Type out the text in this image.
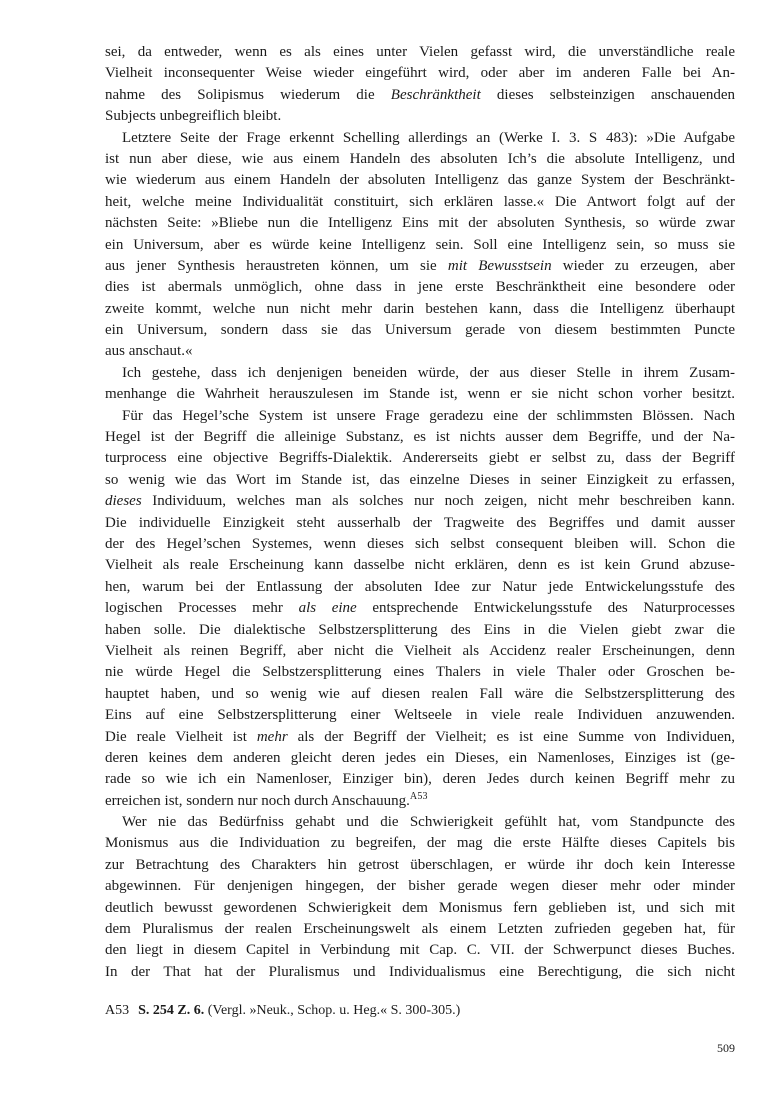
sei, da entweder, wenn es als eines unter Vielen gefasst wird, die unverständliche reale
Vielheit inconsequenter Weise wieder eingeführt wird, oder aber im anderen Falle bei An-
nahme des Solipismus wiederum die Beschränktheit dieses selbsteinzigen anschauenden
Subjects unbegreiflich bleibt.
Letztere Seite der Frage erkennt Schelling allerdings an (Werke I. 3. S 483): »Die Aufgabe
ist nun aber diese, wie aus einem Handeln des absoluten Ich’s die absolute Intelligenz, und
wie wiederum aus einem Handeln der absoluten Intelligenz das ganze System der Beschränkt-
heit, welche meine Individualität constituirt, sich erklären lasse.« Die Antwort folgt auf der
nächsten Seite: »Bliebe nun die Intelligenz Eins mit der absoluten Synthesis, so würde zwar
ein Universum, aber es würde keine Intelligenz sein. Soll eine Intelligenz sein, so muss sie
aus jener Synthesis heraustreten können, um sie mit Bewusstsein wieder zu erzeugen, aber
dies ist abermals unmöglich, ohne dass in jene erste Beschränktheit eine besondere oder
zweite kommt, welche nun nicht mehr darin bestehen kann, dass die Intelligenz überhaupt
ein Universum, sondern dass sie das Universum gerade von diesem bestimmten Puncte
aus anschaut.«
Ich gestehe, dass ich denjenigen beneiden würde, der aus dieser Stelle in ihrem Zusam-
menhange die Wahrheit herauszulesen im Stande ist, wenn er sie nicht schon vorher besitzt.
Für das Hegel’sche System ist unsere Frage geradezu eine der schlimmsten Blössen. Nach
Hegel ist der Begriff die alleinige Substanz, es ist nichts ausser dem Begriffe, und der Na-
turprocess eine objective Begriffs-Dialektik. Andererseits giebt er selbst zu, dass der Begriff
so wenig wie das Wort im Stande ist, das einzelne Dieses in seiner Einzigkeit zu erfassen,
dieses Individuum, welches man als solches nur noch zeigen, nicht mehr beschreiben kann.
Die individuelle Einzigkeit steht ausserhalb der Tragweite des Begriffes und damit ausser
der des Hegel’schen Systemes, wenn dieses sich selbst consequent bleiben will. Schon die
Vielheit als reale Erscheinung kann dasselbe nicht erklären, denn es ist kein Grund abzuse-
hen, warum bei der Entlassung der absoluten Idee zur Natur jede Entwickelungsstufe des
logischen Processes mehr als eine entsprechende Entwickelungsstufe des Naturprocesses
haben solle. Die dialektische Selbstzersplitterung des Eins in die Vielen giebt zwar die
Vielheit als reinen Begriff, aber nicht die Vielheit als Accidenz realer Erscheinungen, denn
nie würde Hegel die Selbstzersplitterung eines Thalers in viele Thaler oder Groschen be-
hauptet haben, und so wenig wie auf diesen realen Fall wäre die Selbstzersplitterung des
Eins auf eine Selbstzersplitterung einer Weltseele in viele reale Individuen anzuwenden.
Die reale Vielheit ist mehr als der Begriff der Vielheit; es ist eine Summe von Individuen,
deren keines dem anderen gleicht deren jedes ein Dieses, ein Namenloses, Einziges ist (ge-
rade so wie ich ein Namenloser, Einziger bin), deren Jedes durch keinen Begriff mehr zu
erreichen ist, sondern nur noch durch Anschauung.$^{A53}$
Wer nie das Bedürfniss gehabt und die Schwierigkeit gefühlt hat, vom Standpuncte des
Monismus aus die Individuation zu begreifen, der mag die erste Hälfte dieses Capitels bis
zur Betrachtung des Charakters hin getrost überschlagen, er würde ihr doch kein Interesse
abgewinnen. Für denjenigen hingegen, der bisher gerade wegen dieser mehr oder minder
deutlich bewusst gewordenen Schwierigkeit dem Monismus fern geblieben ist, und sich mit
dem Pluralismus der realen Erscheinungswelt als einem Letzten zufrieden gegeben hat, für
den liegt in diesem Capitel in Verbindung mit Cap. C. VII. der Schwerpunct dieses Buches.
In der That hat der Pluralismus und Individualismus eine Berechtigung, die sich nicht
A53 S. 254 Z. 6. (Vergl. »Neuk., Schop. u. Heg.« S. 300-305.)
509
